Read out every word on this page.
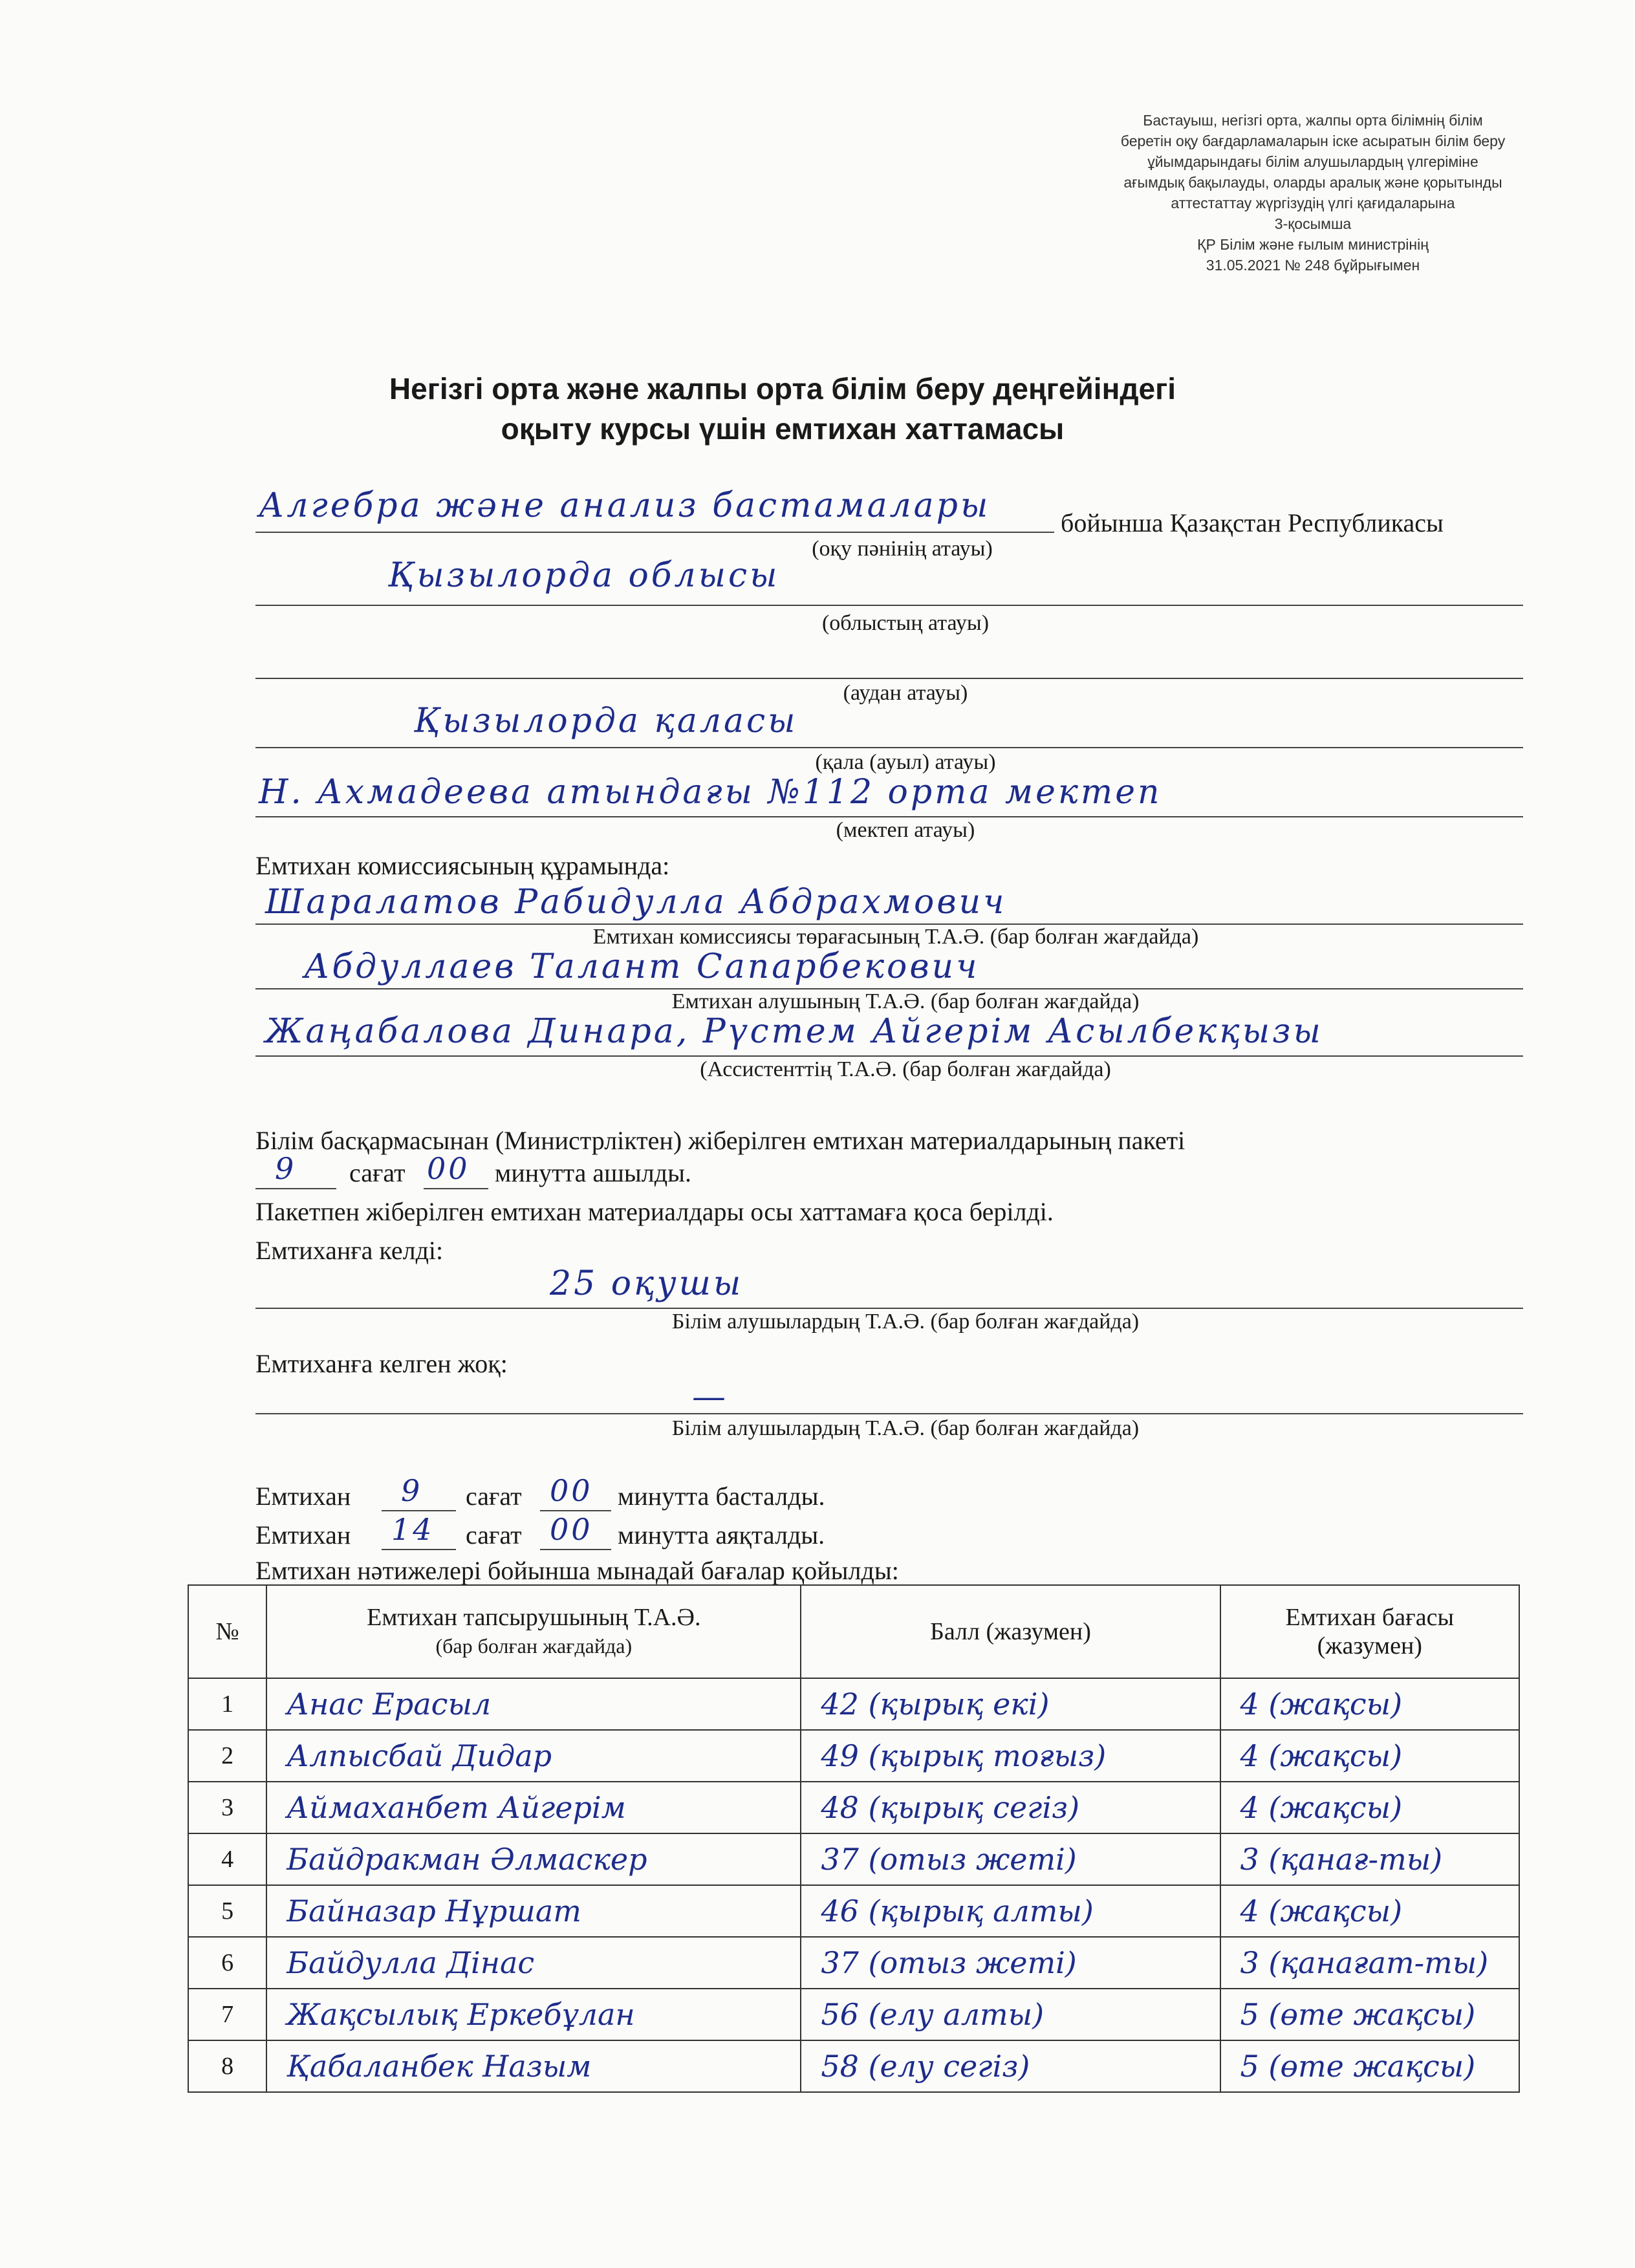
Бастауыш, негізгі орта, жалпы орта білімнің білім
беретін оқу бағдарламаларын іске асыратын білім беру
ұйымдарындағы білім алушылардың үлгеріміне
ағымдық бақылауды, оларды аралық және қорытынды
аттестаттау жүргізудің үлгі қағидаларына
3-қосымша
ҚР Білім және ғылым министрінің
31.05.2021 № 248 бұйрығымен
Негізгі орта және жалпы орта білім беру деңгейіндегі
оқыту курсы үшін емтихан хаттамасы
Алгебра және анализ бастамалары	бойынша Қазақстан Республикасы
(оқу пәнінің атауы)
Қызылорда облысы
(облыстың атауы)
(аудан атауы)
Қызылорда қаласы
(қала (ауыл) атауы)
Н. Ахмадеева атындағы №112 орта мектеп
(мектеп атауы)
Емтихан комиссиясының құрамында:
Шаралатов Рабидулла Абдрахмович
Емтихан комиссиясы төрағасының Т.А.Ә. (бар болған жағдайда)
Абдуллаев Талант Сапарбекович
Емтихан алушының Т.А.Ә. (бар болған жағдайда)
Жаңабалова Динара, Рүстем Айгерім Асылбекқызы
(Ассистенттің Т.А.Ә. (бар болған жағдайда)
Білім басқармасынан (Министрліктен) жіберілген емтихан материалдарының пакеті
9 сағат 00 минутта ашылды.
Пакетпен жіберілген емтихан материалдары осы хаттамаға қоса берілді.
Емтиханға келді:
25 оқушы
Білім алушылардың Т.А.Ә. (бар болған жағдайда)
Емтиханға келген жоқ:
—
Білім алушылардың Т.А.Ә. (бар болған жағдайда)
Емтихан 9 сағат 00 минутта басталды.
Емтихан 14 сағат 00 минутта аяқталды.
Емтихан нәтижелері бойынша мынадай бағалар қойылды:
№	Емтихан тапсырушының Т.А.Ә.
(бар болған жағдайда)	Балл (жазумен)	Емтихан бағасы
(жазумен)

1	Анас Ерасыл	42 (қырық екі)	4 (жақсы)
2	Алпысбай Дидар	49 (қырық тоғыз)	4 (жақсы)
3	Аймаханбет Айгерім	48 (қырық сегіз)	4 (жақсы)
4	Байдракман Әлмаскер	37 (отыз жеті)	3 (қанағ-ты)
5	Байназар Нұршат	46 (қырық алты)	4 (жақсы)
6	Байдулла Дінас	37 (отыз жеті)	3 (қанағат-ты)
7	Жақсылық Еркебұлан	56 (елу алты)	5 (өте жақсы)
8	Қабаланбек Назым	58 (елу сегіз)	5 (өте жақсы)
